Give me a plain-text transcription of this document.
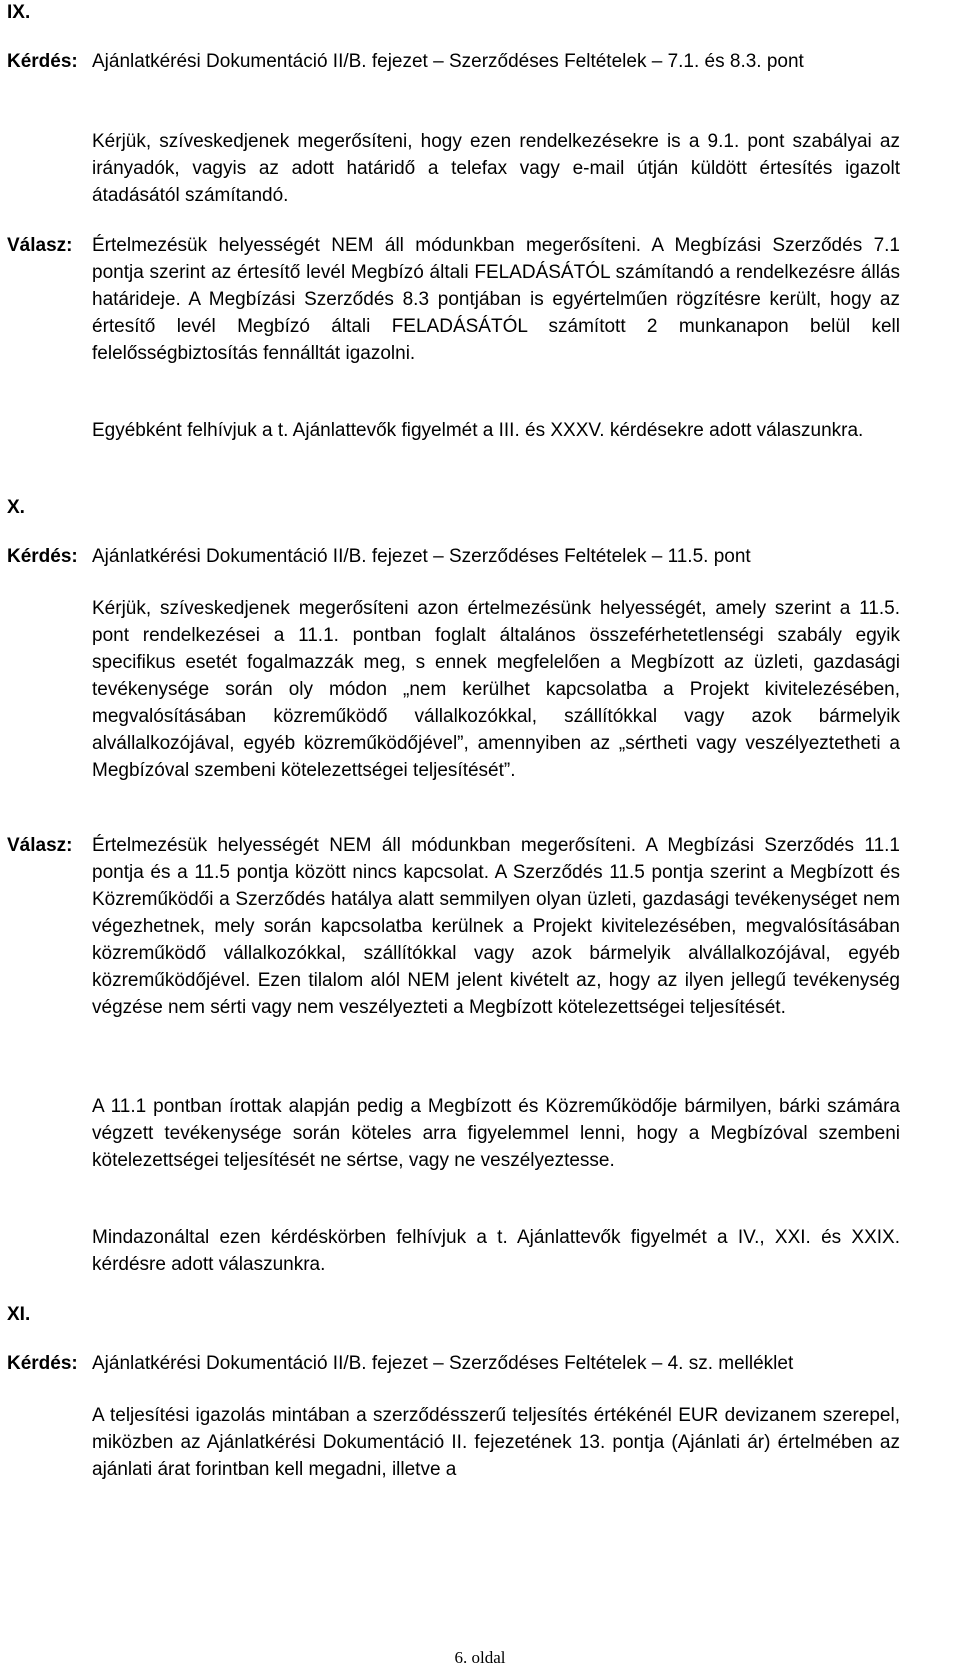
IX.
Kérdés: Ajánlatkérési Dokumentáció II/B. fejezet – Szerződéses Feltételek – 7.1. és 8.3. pont
Kérjük, szíveskedjenek megerősíteni, hogy ezen rendelkezésekre is a 9.1. pont szabályai az irányadók, vagyis az adott határidő a telefax vagy e-mail útján küldött értesítés igazolt átadásától számítandó.
Válasz: Értelmezésük helyességét NEM áll módunkban megerősíteni. A Megbízási Szerződés 7.1 pontja szerint az értesítő levél Megbízó általi FELADÁSÁTÓL számítandó a rendelkezésre állás határideje. A Megbízási Szerződés 8.3 pontjában is egyértelműen rögzítésre került, hogy az értesítő levél Megbízó általi FELADÁSÁTÓL számított 2 munkanapon belül kell felelősségbiztosítás fennálltát igazolni.
Egyébként felhívjuk a t. Ajánlattevők figyelmét a III. és XXXV. kérdésekre adott válaszunkra.
X.
Kérdés: Ajánlatkérési Dokumentáció II/B. fejezet – Szerződéses Feltételek – 11.5. pont
Kérjük, szíveskedjenek megerősíteni azon értelmezésünk helyességét, amely szerint a 11.5. pont rendelkezései a 11.1. pontban foglalt általános összeférhetetlenségi szabály egyik specifikus esetét fogalmazzák meg, s ennek megfelelően a Megbízott az üzleti, gazdasági tevékenysége során oly módon „nem kerülhet kapcsolatba a Projekt kivitelezésében, megvalósításában közreműködő vállalkozókkal, szállítókkal vagy azok bármelyik alvállalkozójával, egyéb közreműködőjével”, amennyiben az „sértheti vagy veszélyeztetheti a Megbízóval szembeni kötelezettségei teljesítését”.
Válasz: Értelmezésük helyességét NEM áll módunkban megerősíteni. A Megbízási Szerződés 11.1 pontja és a 11.5 pontja között nincs kapcsolat. A Szerződés 11.5 pontja szerint a Megbízott és Közreműködői a Szerződés hatálya alatt semmilyen olyan üzleti, gazdasági tevékenységet nem végezhetnek, mely során kapcsolatba kerülnek a Projekt kivitelezésében, megvalósításában közreműködő vállalkozókkal, szállítókkal vagy azok bármelyik alvállalkozójával, egyéb közreműködőjével. Ezen tilalom alól NEM jelent kivételt az, hogy az ilyen jellegű tevékenység végzése nem sérti vagy nem veszélyezteti a Megbízott kötelezettségei teljesítését.
A 11.1 pontban írottak alapján pedig a Megbízott és Közreműködője bármilyen, bárki számára végzett tevékenysége során köteles arra figyelemmel lenni, hogy a Megbízóval szembeni kötelezettségei teljesítését ne sértse, vagy ne veszélyeztesse.
Mindazonáltal ezen kérdéskörben felhívjuk a t. Ajánlattevők figyelmét a IV., XXI. és XXIX. kérdésre adott válaszunkra.
XI.
Kérdés: Ajánlatkérési Dokumentáció II/B. fejezet – Szerződéses Feltételek – 4. sz. melléklet
A teljesítési igazolás mintában a szerződésszerű teljesítés értékénél EUR devizanem szerepel, miközben az Ajánlatkérési Dokumentáció II. fejezetének 13. pontja (Ajánlati ár) értelmében az ajánlati árat forintban kell megadni, illetve a
6. oldal
